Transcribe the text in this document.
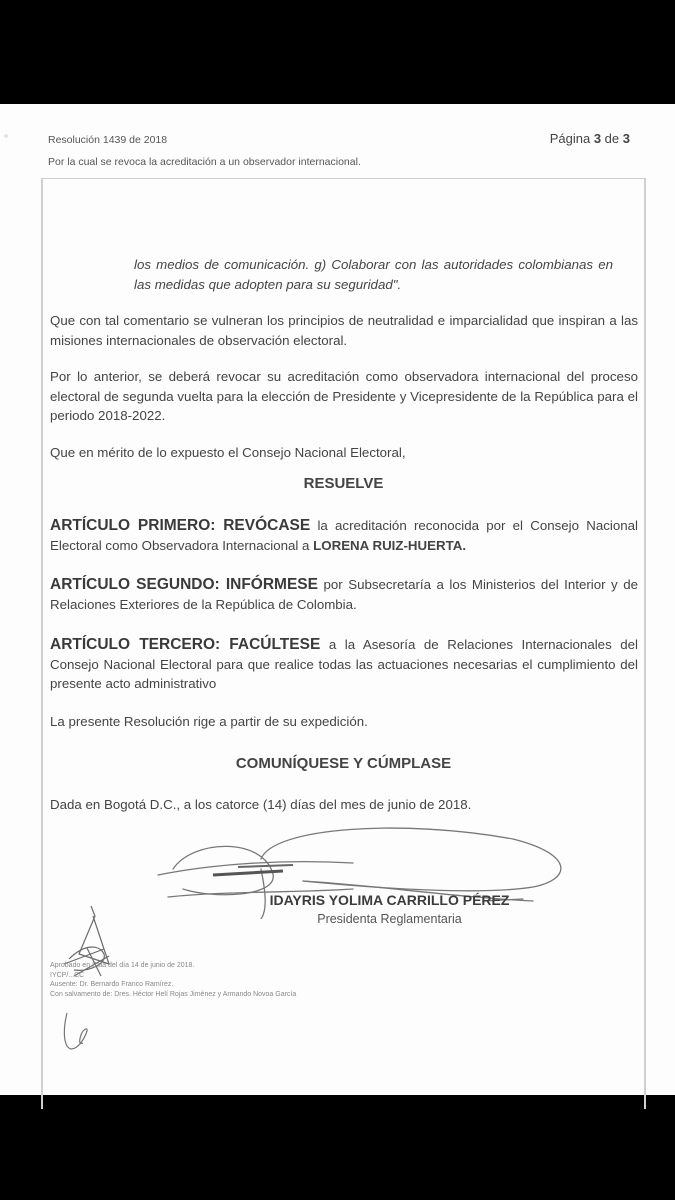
Resolución 1439 de 2018	Página 3 de 3
Por la cual se revoca la acreditación a un observador internacional.
los medios de comunicación. g) Colaborar con las autoridades colombianas en las medidas que adopten para su seguridad".
Que con tal comentario se vulneran los principios de neutralidad e imparcialidad que inspiran a las misiones internacionales de observación electoral.
Por lo anterior, se deberá revocar su acreditación como observadora internacional del proceso electoral de segunda vuelta para la elección de Presidente y Vicepresidente de la República para el periodo 2018-2022.
Que en mérito de lo expuesto el Consejo Nacional Electoral,
RESUELVE
ARTÍCULO PRIMERO: REVÓCASE la acreditación reconocida por el Consejo Nacional Electoral como Observadora Internacional a LORENA RUIZ-HUERTA.
ARTÍCULO SEGUNDO: INFÓRMESE por Subsecretaría a los Ministerios del Interior y de Relaciones Exteriores de la República de Colombia.
ARTÍCULO TERCERO: FACÚLTESE a la Asesoría de Relaciones Internacionales del Consejo Nacional Electoral para que realice todas las actuaciones necesarias el cumplimiento del presente acto administrativo
La presente Resolución rige a partir de su expedición.
COMUNÍQUESE Y CÚMPLASE
Dada en Bogotá D.C., a los catorce (14) días del mes de junio de 2018.
IDAYRIS YOLIMA CARRILLO PÉREZ
Presidenta Reglamentaria
Aprobado en Sala del día 14 de junio de 2018.
IYCP/...CC
Ausente: Dr. Bernardo Franco Ramírez.
Con salvamento de: Dres. Héctor Helí Rojas Jiménez y Armando Novoa García
